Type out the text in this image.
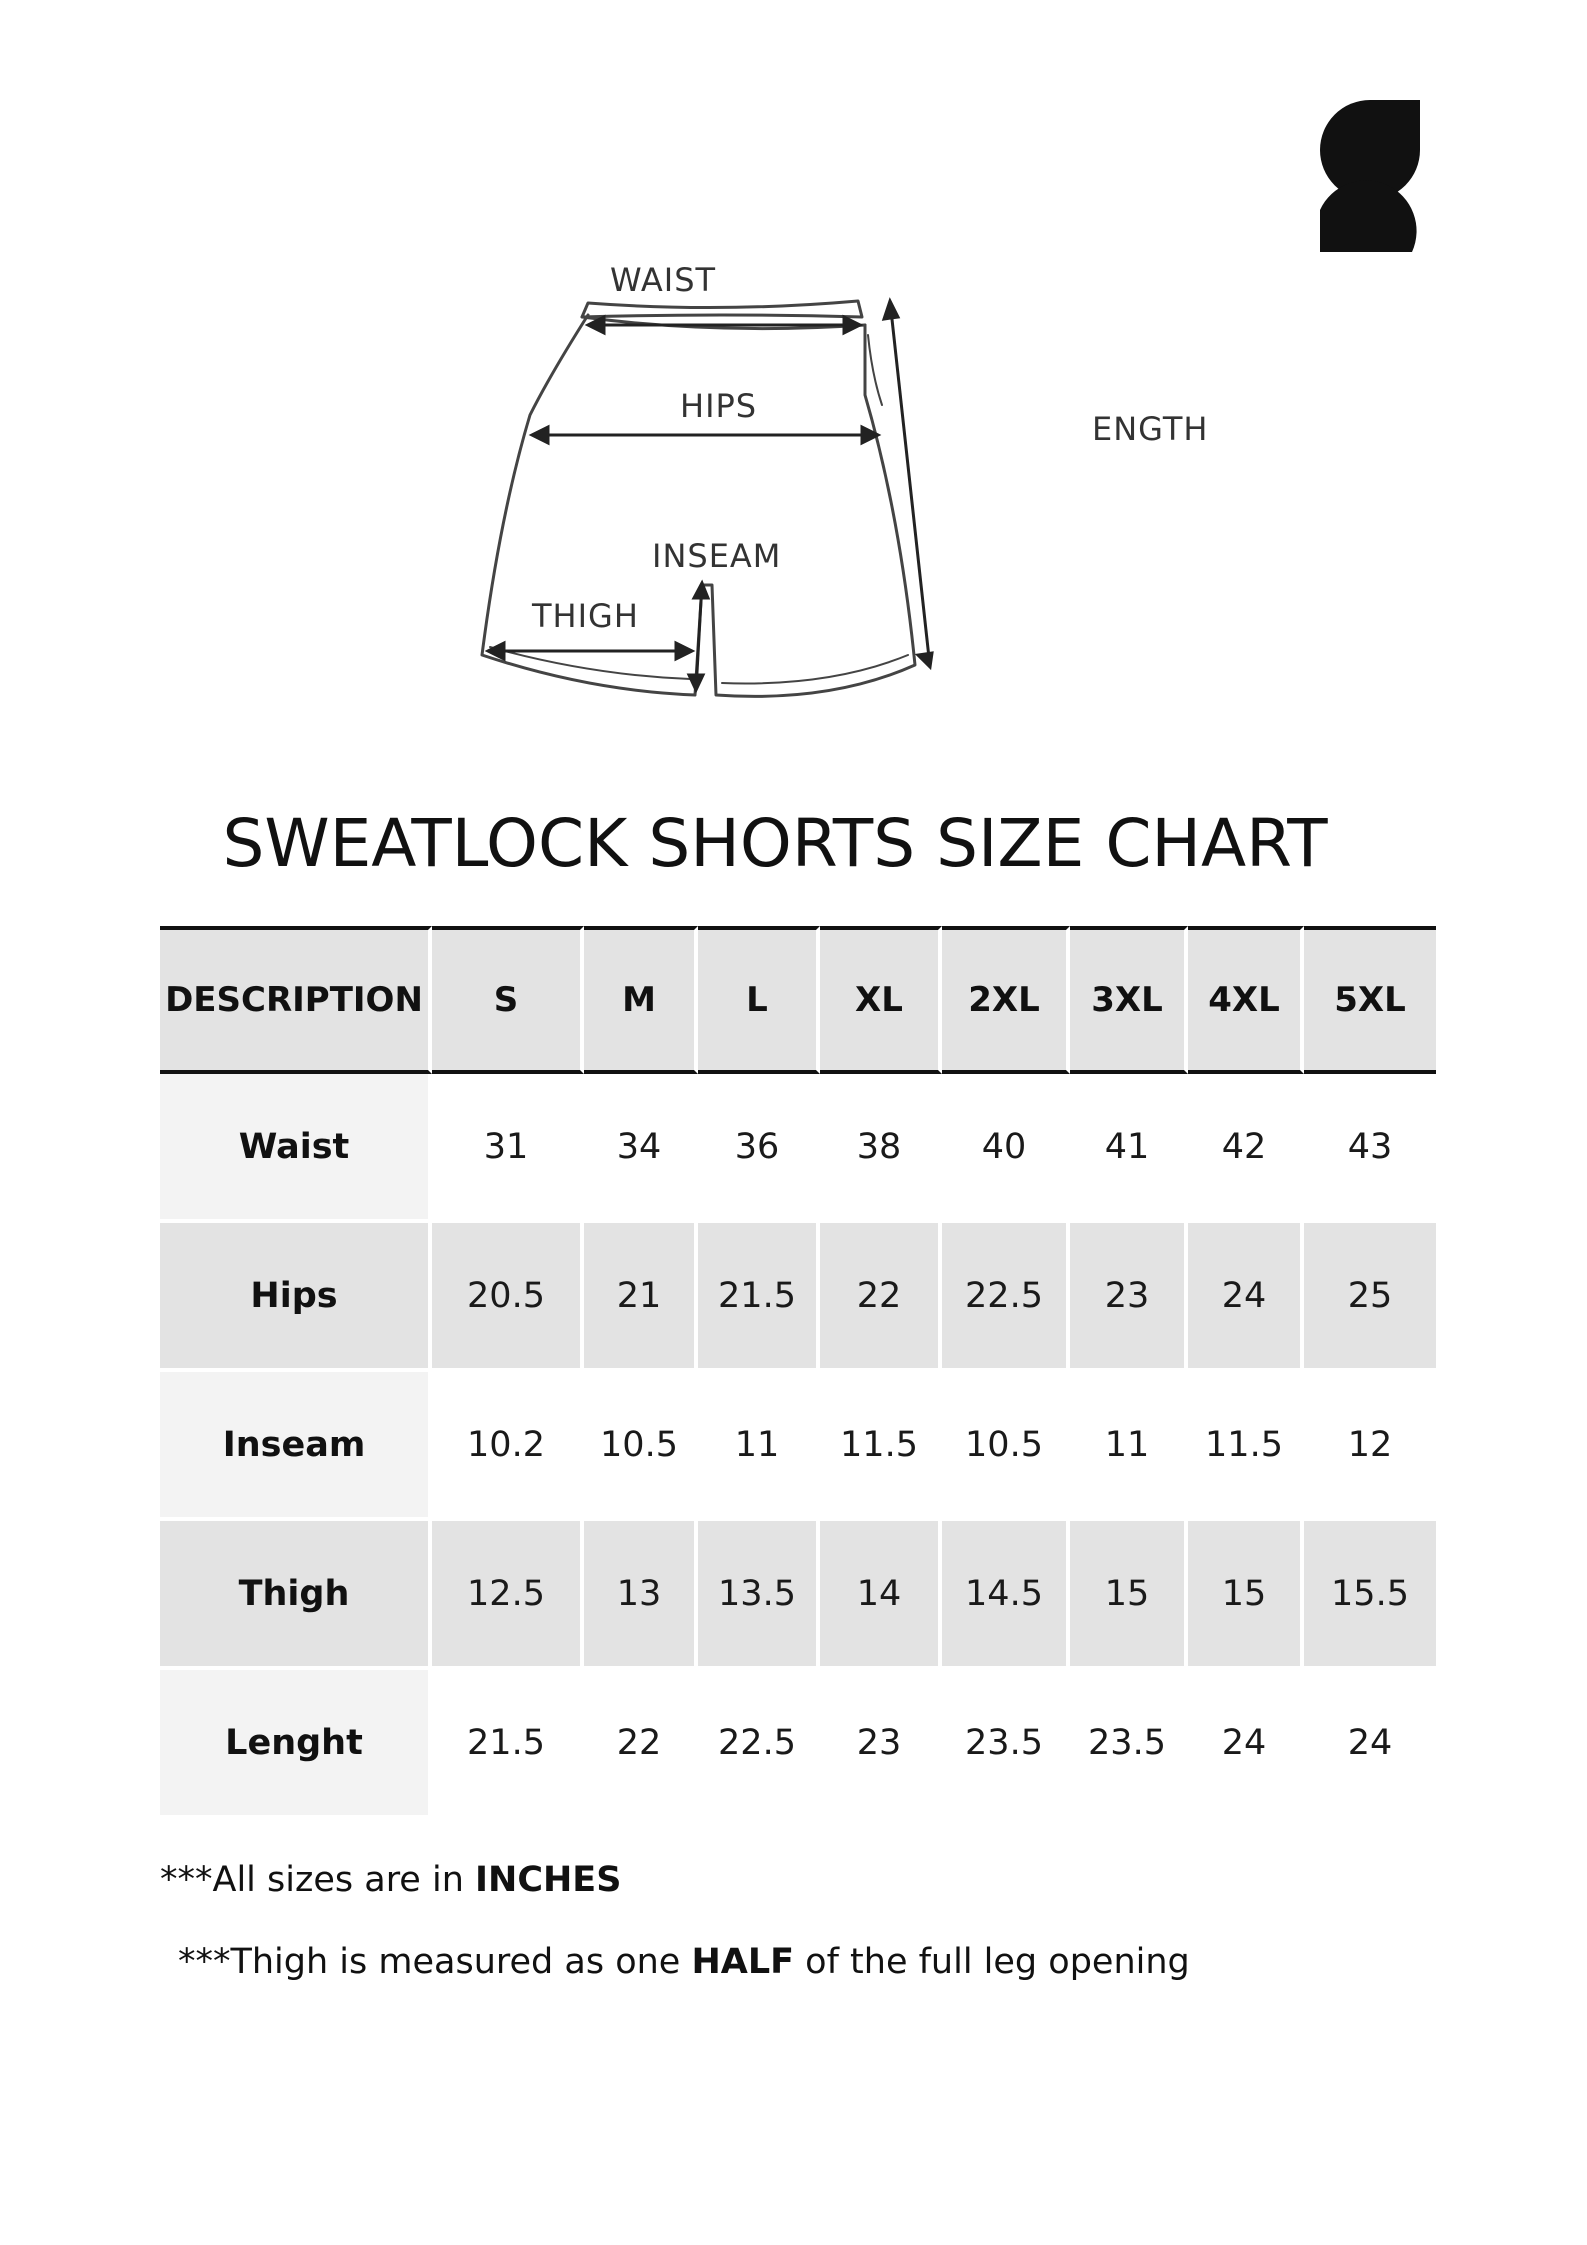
WAIST
HIPS
ENGTH
INSEAM
THIGH
SWEATLOCK SHORTS SIZE CHART
DESCRIPTION	S	M	L	XL	2XL	3XL	4XL	5XL
Waist	31	34	36	38	40	41	42	43
Hips	20.5	21	21.5	22	22.5	23	24	25
Inseam	10.2	10.5	11	11.5	10.5	11	11.5	12
Thigh	12.5	13	13.5	14	14.5	15	15	15.5
Lenght	21.5	22	22.5	23	23.5	23.5	24	24

***All sizes are in INCHES

***Thigh is measured as one HALF of the full leg opening
